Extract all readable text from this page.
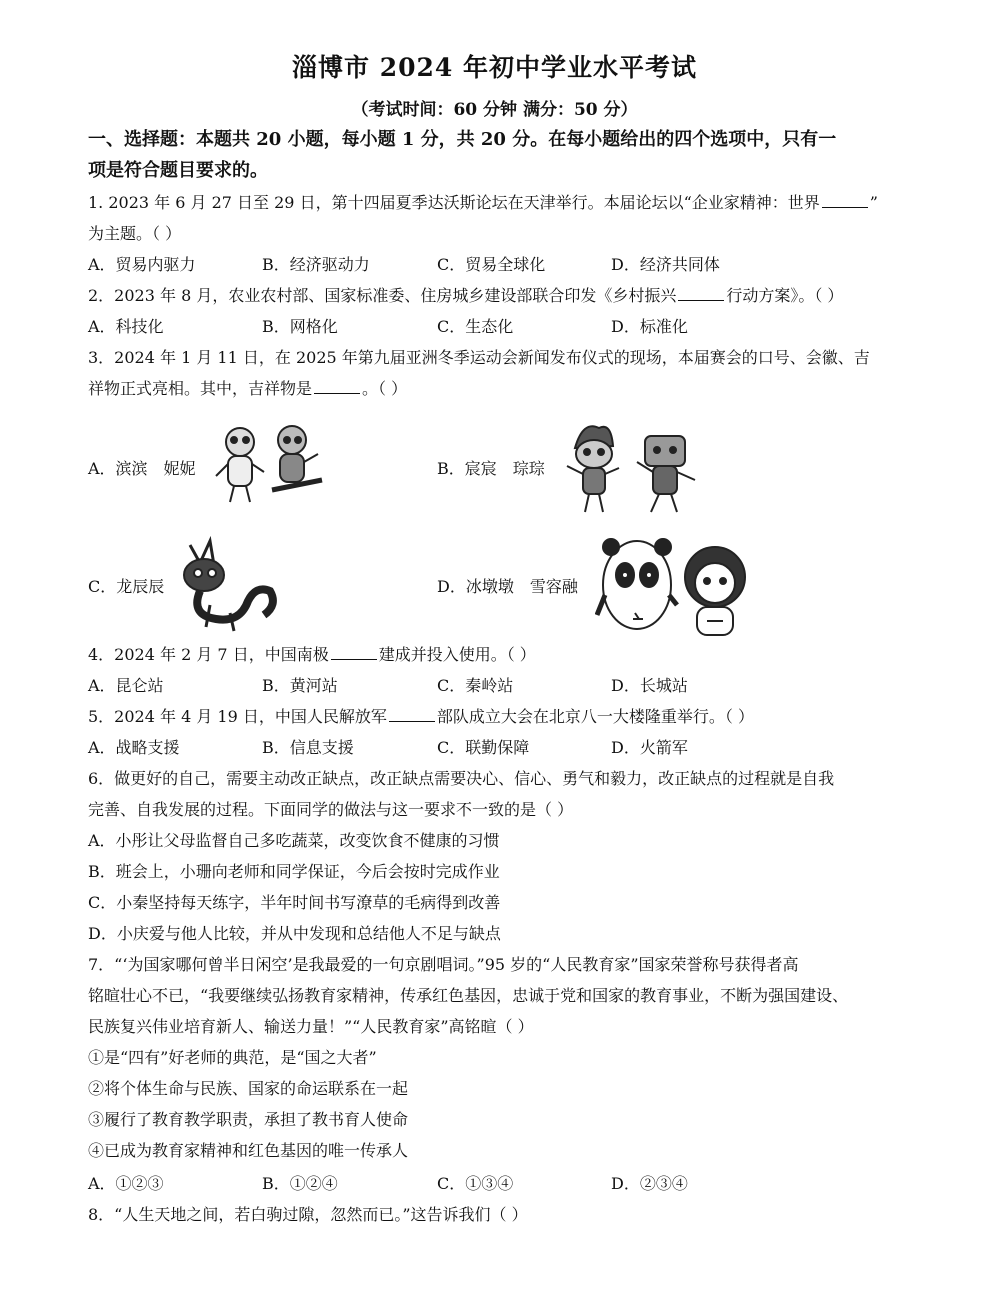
淄博市 2024 年初中学业水平考试
（考试时间：60 分钟 满分：50 分）
一、选择题：本题共 20 小题，每小题 1 分，共 20 分。在每小题给出的四个选项中，只有一
项是符合题目要求的。
1. 2023 年 6 月 27 日至 29 日，第十四届夏季达沃斯论坛在天津举行。本届论坛以“企业家精神：世界	”
为主题。（ ）
A．贸易内驱力	B．经济驱动力	C．贸易全球化	D．经济共同体
2．2023 年 8 月，农业农村部、国家标准委、住房城乡建设部联合印发《乡村振兴	行动方案》。（ ）
A．科技化	B．网格化	C．生态化	D．标准化
3．2024 年 1 月 11 日，在 2025 年第九届亚洲冬季运动会新闻发布仪式的现场，本届赛会的口号、会徽、吉
祥物正式亮相。其中，吉祥物是	。（ ）
A．滨滨　妮妮	B．宸宸　琮琮
C．龙辰辰	D．冰墩墩　雪容融
4．2024 年 2 月 7 日，中国南极	建成并投入使用。（ ）
A．昆仑站	B．黄河站	C．秦岭站	D．长城站
5．2024 年 4 月 19 日，中国人民解放军	部队成立大会在北京八一大楼隆重举行。（ ）
A．战略支援	B．信息支援	C．联勤保障	D．火箭军
6．做更好的自己，需要主动改正缺点，改正缺点需要决心、信心、勇气和毅力，改正缺点的过程就是自我
完善、自我发展的过程。下面同学的做法与这一要求不一致的是（ ）
A．小彤让父母监督自己多吃蔬菜，改变饮食不健康的习惯
B．班会上，小珊向老师和同学保证，今后会按时完成作业
C．小秦坚持每天练字，半年时间书写潦草的毛病得到改善
D．小庆爱与他人比较，并从中发现和总结他人不足与缺点
7．“‘为国家哪何曾半日闲空’是我最爱的一句京剧唱词。”95 岁的“人民教育家”国家荣誉称号获得者高
铭暄壮心不已，“我要继续弘扬教育家精神，传承红色基因，忠诚于党和国家的教育事业，不断为强国建设、
民族复兴伟业培育新人、输送力量！”“人民教育家”高铭暄（ ）
①是“四有”好老师的典范，是“国之大者”
②将个体生命与民族、国家的命运联系在一起
③履行了教育教学职责，承担了教书育人使命
④已成为教育家精神和红色基因的唯一传承人
A．①②③	B．①②④	C．①③④	D．②③④
8．“人生天地之间，若白驹过隙，忽然而已。”这告诉我们（ ）
